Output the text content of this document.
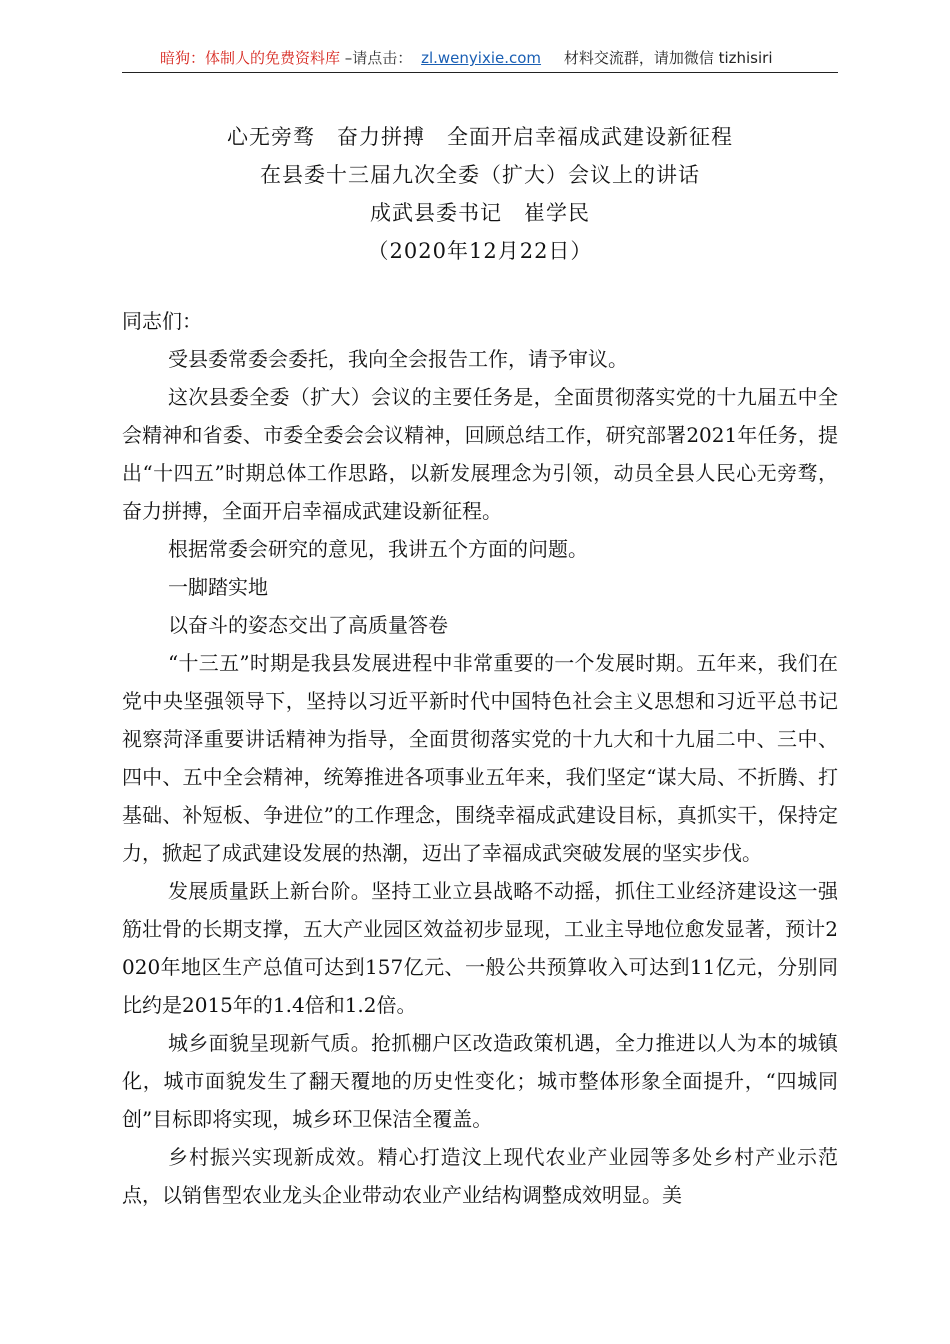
暗狗：体制人的免费资料库 –请点击： zl.wenyixie.com 材料交流群，请加微信 tizhisiri
心无旁骛　奋力拼搏　全面开启幸福成武建设新征程
在县委十三届九次全委（扩大）会议上的讲话
成武县委书记　崔学民
（2020年12月22日）

同志们：

受县委常委会委托，我向全会报告工作，请予审议。

这次县委全委（扩大）会议的主要任务是，全面贯彻落实党的十九届五中全会精神和省委、市委全委会会议精神，回顾总结工作，研究部署2021年任务，提出“十四五”时期总体工作思路，以新发展理念为引领，动员全县人民心无旁骛，奋力拼搏，全面开启幸福成武建设新征程。

根据常委会研究的意见，我讲五个方面的问题。

一脚踏实地

以奋斗的姿态交出了高质量答卷

“十三五”时期是我县发展进程中非常重要的一个发展时期。五年来，我们在党中央坚强领导下，坚持以习近平新时代中国特色社会主义思想和习近平总书记视察菏泽重要讲话精神为指导，全面贯彻落实党的十九大和十九届二中、三中、四中、五中全会精神，统筹推进各项事业五年来，我们坚定“谋大局、不折腾、打基础、补短板、争进位”的工作理念，围绕幸福成武建设目标，真抓实干，保持定力，掀起了成武建设发展的热潮，迈出了幸福成武突破发展的坚实步伐。

发展质量跃上新台阶。坚持工业立县战略不动摇，抓住工业经济建设这一强筋壮骨的长期支撑，五大产业园区效益初步显现，工业主导地位愈发显著，预计2020年地区生产总值可达到157亿元、一般公共预算收入可达到11亿元，分别同比约是2015年的1.4倍和1.2倍。

城乡面貌呈现新气质。抢抓棚户区改造政策机遇，全力推进以人为本的城镇化，城市面貌发生了翻天覆地的历史性变化；城市整体形象全面提升，“四城同创”目标即将实现，城乡环卫保洁全覆盖。

乡村振兴实现新成效。精心打造汶上现代农业产业园等多处乡村产业示范点，以销售型农业龙头企业带动农业产业结构调整成效明显。美
